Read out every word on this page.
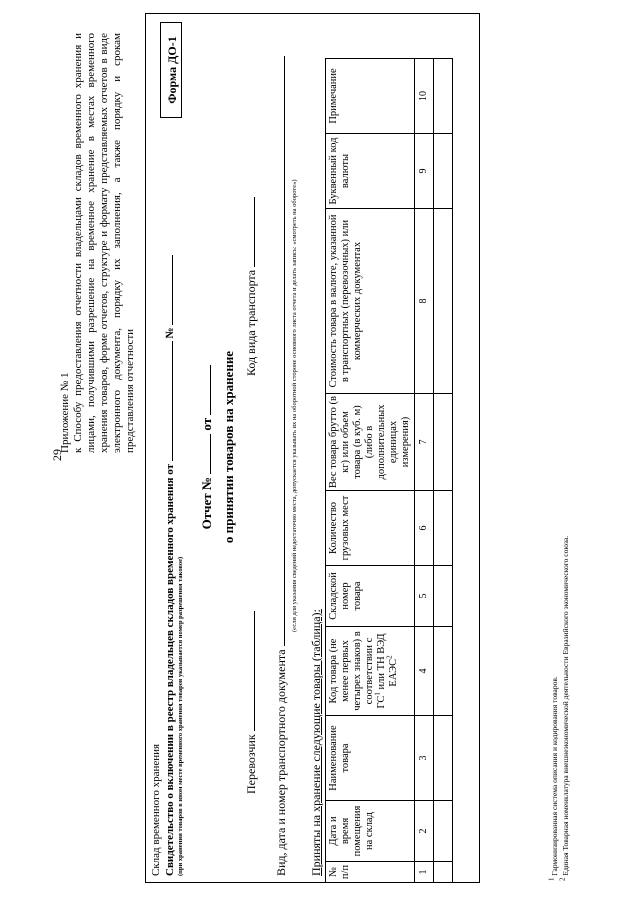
29
Приложение № 1 к Способу предоставления отчетности владельцами складов временного хранения и лицами, получившими разрешение на временное хранение в местах временного хранения товаров, форме отчетов, структуре и формату представляемых отчетов в виде электронного документа, порядку их заполнения, а также порядку и срокам представления отчетности
Форма ДО-1
Склад временного хранения Свидетельство о включении в реестр владельцев складов временного хранения от  №
(при хранении товаров в ином месте временного хранения товаров указывается номер разрешения таковое)
Отчет №  от о принятии товаров на хранение
Перевозчик
Код вида транспорта
Вид, дата и номер транспортного документа
(если для указания сведений недостаточно места, допускается указывать их на оборотной стороне основного листа отчета и делать запись: «смотреть на обороте»)
Приняты на хранение следующие товары (таблица): № п/п	Дата и время помещения на склад	Наименование товара	Код товара (не менее первых четырех знаков) в соответствии с $ГС^1$ или ТН ВЭД ЕАЭС$^2$	Складской номер товара	Количество грузовых мест	Вес товара брутто (в кг) или объем товара (в куб. м) (либо в дополнительных единицах измерения)	Стоимость товара в валюте, указанной в транспортных (перевозочных) или коммерческих документах	Буквенный код валюты	Примечание
1	2	3	4	5	6	7	8	9	10

$^1$ Гармонизированная система описания и кодирования товаров.
$^2$ Единая Товарная номенклатура внешнеэкономической деятельности Евразийского экономического союза.
